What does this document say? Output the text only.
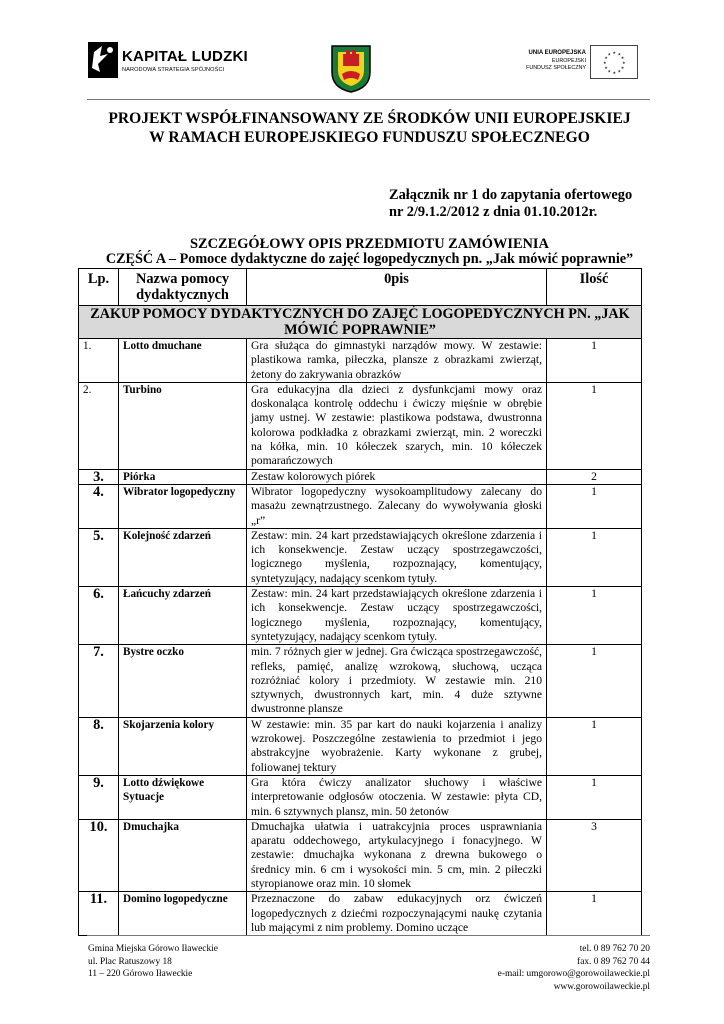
KAPITAŁ LUDZKI
NARODOWA STRATEGIA SPÓJNOŚCI
UNIA EUROPEJSKA
EUROPEJSKI
FUNDUSZ SPOŁECZNY
★ ★
★
★
★
★
★
★
★
★
★
★
PROJEKT WSPÓŁFINANSOWANY ZE ŚRODKÓW UNII EUROPEJSKIEJ
W RAMACH EUROPEJSKIEGO FUNDUSZU SPOŁECZNEGO
Załącznik nr 1 do zapytania ofertowego
nr 2/9.1.2/2012 z dnia 01.10.2012r.
SZCZEGÓŁOWY OPIS PRZEDMIOTU ZAMÓWIENIA
CZĘŚĆ A – Pomoce dydaktyczne do zajęć logopedycznych pn. „Jak mówić poprawnie”
Lp.	Nazwa pomocy dydaktycznych	0pis	Ilość
ZAKUP POMOCY DYDAKTYCZNYCH DO ZAJĘĆ LOGOPEDYCZNYCH PN. „JAK MÓWIĆ POPRAWNIE”			
1.	Lotto dmuchane	Gra służąca do gimnastyki narządów mowy. W zestawie: plastikowa ramka, piłeczka, plansze z obrazkami zwierząt, żetony do zakrywania obrazków	1
2.	Turbino	Gra edukacyjna dla dzieci z dysfunkcjami mowy oraz doskonaląca kontrolę oddechu i ćwiczy mięśnie w obrębie jamy ustnej. W zestawie: plastikowa podstawa, dwustronna kolorowa podkładka z obrazkami zwierząt, min. 2 woreczki na kółka, min. 10 kółeczek szarych, min. 10 kółeczek pomarańczowych	1
3.	Piórka	Zestaw kolorowych piórek	2
4.	Wibrator logopedyczny	Wibrator logopedyczny wysokoamplitudowy zalecany do masażu zewnątrzustnego. Zalecany do wywoływania głoski „r”	1
5.	Kolejność zdarzeń	Zestaw: min. 24 kart przedstawiających określone zdarzenia i ich konsekwencje. Zestaw uczący spostrzegawczości, logicznego myślenia, rozpoznający, komentujący, syntetyzujący, nadający scenkom tytuły.	1
6.	Łańcuchy zdarzeń	Zestaw: min. 24 kart przedstawiających określone zdarzenia i ich konsekwencje. Zestaw uczący spostrzegawczości, logicznego myślenia, rozpoznający, komentujący, syntetyzujący, nadający scenkom tytuły.	1
7.	Bystre oczko	min. 7 różnych gier w jednej. Gra ćwicząca spostrzegawczość, refleks, pamięć, analizę wzrokową, słuchową, ucząca rozróżniać kolory i przedmioty. W zestawie min. 210 sztywnych, dwustronnych kart, min. 4 duże sztywne dwustronne plansze	1
8.	Skojarzenia kolory	W zestawie: min. 35 par kart do nauki kojarzenia i analizy wzrokowej. Poszczególne zestawienia to przedmiot i jego abstrakcyjne wyobrażenie. Karty wykonane z grubej, foliowanej tektury	1
9.	Lotto dźwiękowe Sytuacje	Gra która ćwiczy analizator słuchowy i właściwe interpretowanie odgłosów otoczenia. W zestawie: płyta CD, min. 6 sztywnych plansz, min. 50 żetonów	1
10.	Dmuchajka	Dmuchajka ułatwia i uatrakcyjnia proces usprawniania aparatu oddechowego, artykulacyjnego i fonacyjnego. W zestawie: dmuchajka wykonana z drewna bukowego o średnicy min. 6 cm i wysokości min. 5 cm, min. 2 piłeczki styropianowe oraz min. 10 słomek	3
11.	Domino logopedyczne	Przeznaczone do zabaw edukacyjnych orz ćwiczeń logopedycznych z dziećmi rozpoczynającymi naukę czytania lub mającymi z nim problemy. Domino uczące	1
Gmina Miejska Górowo Iławeckie
ul. Plac Ratuszowy 18
11 – 220 Górowo Iławeckie
tel. 0 89 762 70 20
fax. 0 89 762 70 44
e-mail: umgorowo@gorowoilaweckie.pl
www.gorowoilaweckie.pl
